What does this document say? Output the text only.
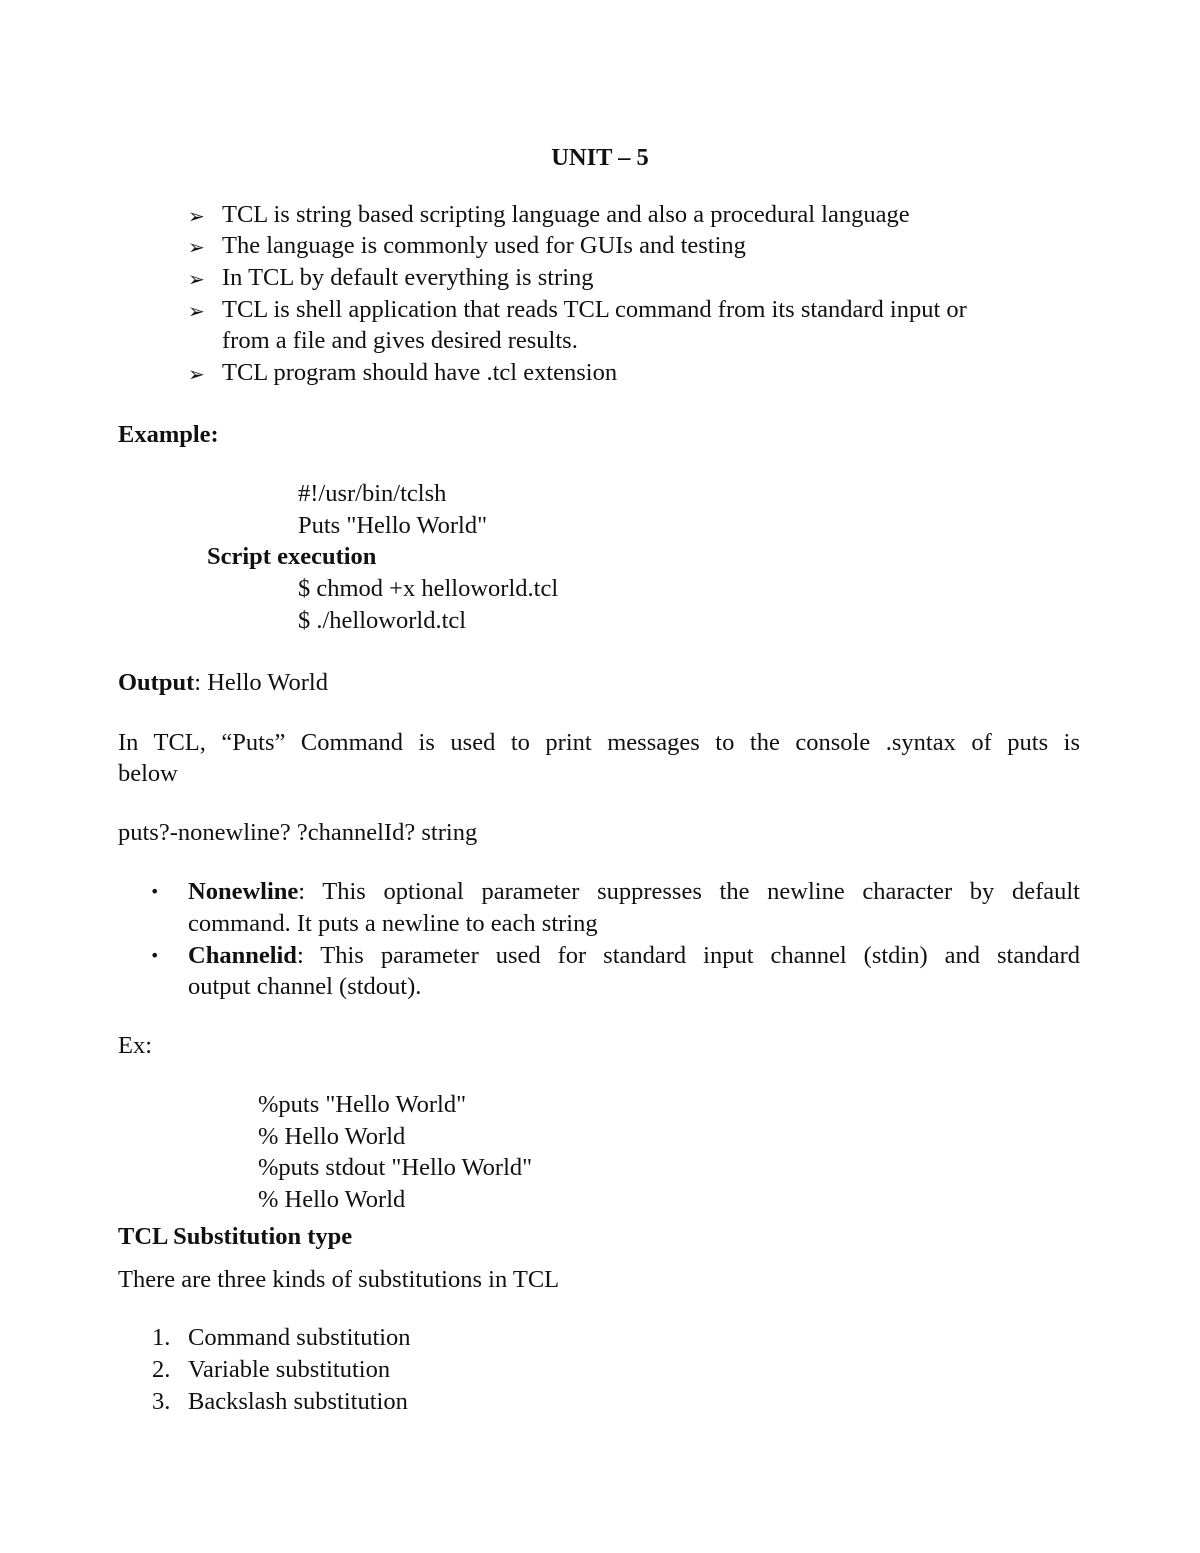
UNIT – 5
➢ TCL is string based scripting language and also a procedural language
➢ The language is commonly used for GUIs and testing
➢ In TCL by default everything is string
➢ TCL is shell application that reads TCL command from its standard input or
from a file and gives desired results.
➢ TCL program should have .tcl extension
Example:
#!/usr/bin/tclsh
Puts "Hello World"
Script execution
$ chmod +x helloworld.tcl
$ ./helloworld.tcl
Output: Hello World
In TCL, “Puts” Command is used to print messages to the console .syntax of puts is
below
puts?-nonewline? ?channelId? string
• Nonewline: This optional parameter suppresses the newline character by default
command. It puts a newline to each string
• Channelid: This parameter used for standard input channel (stdin) and standard
output channel (stdout).
Ex:
%puts "Hello World"
% Hello World
%puts stdout "Hello World"
% Hello World
TCL Substitution type
There are three kinds of substitutions in TCL
1. Command substitution
2. Variable substitution
3. Backslash substitution
